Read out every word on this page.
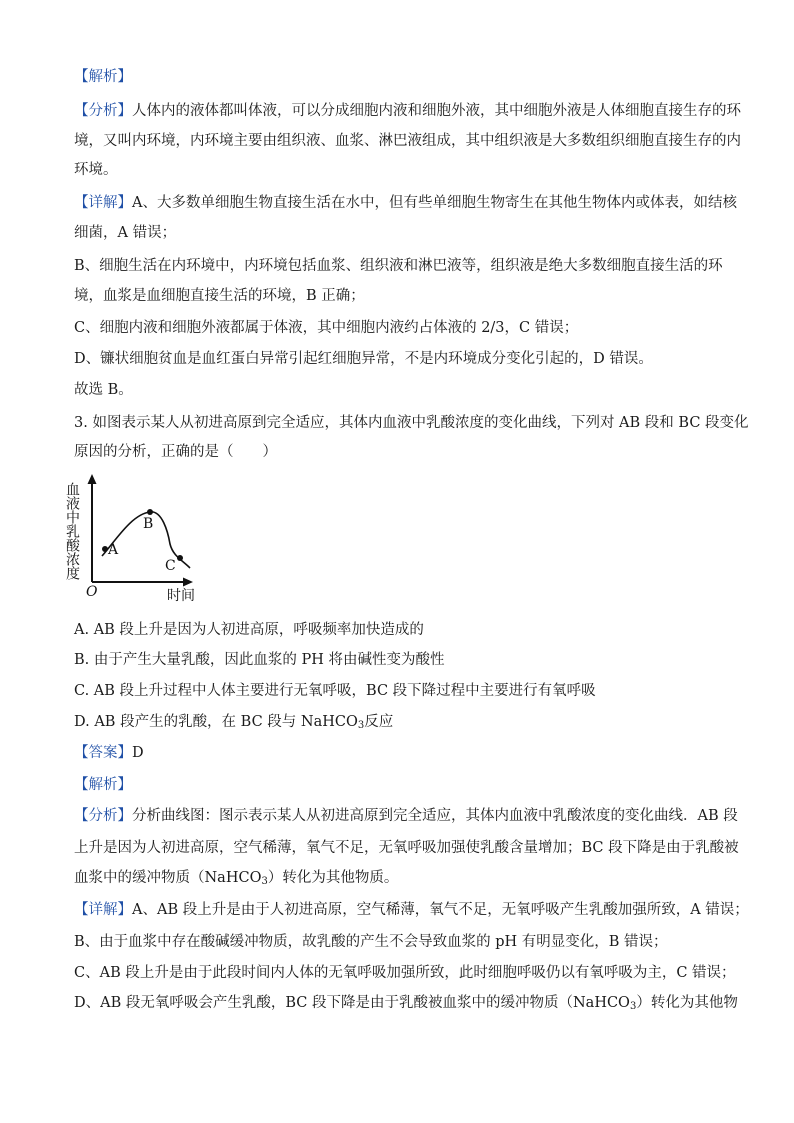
【解析】
【分析】人体内的液体都叫体液，可以分成细胞内液和细胞外液，其中细胞外液是人体细胞直接生存的环
境，又叫内环境，内环境主要由组织液、血浆、淋巴液组成，其中组织液是大多数组织细胞直接生存的内
环境。
【详解】A、大多数单细胞生物直接生活在水中，但有些单细胞生物寄生在其他生物体内或体表，如结核
细菌，A 错误；
B、细胞生活在内环境中，内环境包括血浆、组织液和淋巴液等，组织液是绝大多数细胞直接生活的环
境，血浆是血细胞直接生活的环境，B 正确；
C、细胞内液和细胞外液都属于体液，其中细胞内液约占体液的 2/3，C 错误；
D、镰状细胞贫血是血红蛋白异常引起红细胞异常，不是内环境成分变化引起的，D 错误。
故选 B。
3. 如图表示某人从初进高原到完全适应，其体内血液中乳酸浓度的变化曲线，下列对 AB 段和 BC 段变化
原因的分析，正确的是（　　）
A
B
C
O	时间
血液中乳酸浓度
A. AB 段上升是因为人初进高原，呼吸频率加快造成的
B. 由于产生大量乳酸，因此血浆的 PH 将由碱性变为酸性
C. AB 段上升过程中人体主要进行无氧呼吸，BC 段下降过程中主要进行有氧呼吸
D. AB 段产生的乳酸，在 BC 段与 NaHCO$_3$反应
【答案】D
【解析】
【分析】分析曲线图：图示表示某人从初进高原到完全适应，其体内血液中乳酸浓度的变化曲线．AB 段
上升是因为人初进高原，空气稀薄，氧气不足，无氧呼吸加强使乳酸含量增加；BC 段下降是由于乳酸被
血浆中的缓冲物质（NaHCO$_3$）转化为其他物质。
【详解】A、AB 段上升是由于人初进高原，空气稀薄，氧气不足，无氧呼吸产生乳酸加强所致，A 错误；
B、由于血浆中存在酸碱缓冲物质，故乳酸的产生不会导致血浆的 pH 有明显变化，B 错误；
C、AB 段上升是由于此段时间内人体的无氧呼吸加强所致，此时细胞呼吸仍以有氧呼吸为主，C 错误；
D、AB 段无氧呼吸会产生乳酸，BC 段下降是由于乳酸被血浆中的缓冲物质（NaHCO$_3$）转化为其他物
